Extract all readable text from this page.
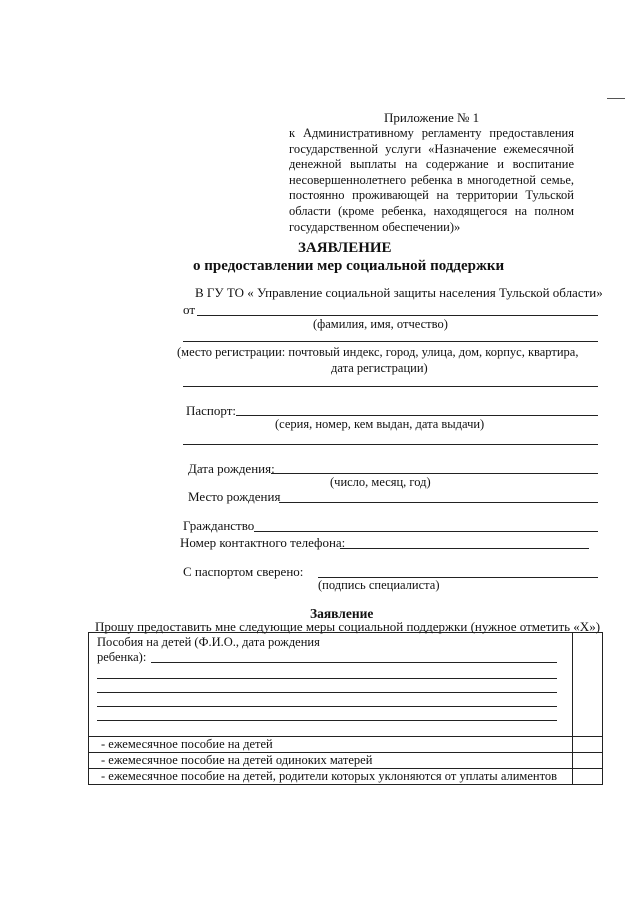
Приложение № 1
к Административному регламенту предоставления государственной услуги «Назначение ежемесячной денежной выплаты на содержание и воспитание несовершеннолетнего ребенка в многодетной семье, постоянно проживающей на территории Тульской области (кроме ребенка, находящегося на полном государственном обеспечении)»
ЗАЯВЛЕНИЕ
о предоставлении мер социальной поддержки
В ГУ ТО « Управление социальной защиты населения Тульской области»
от
(фамилия, имя, отчество)
(место регистрации: почтовый индекс, город, улица, дом, корпус, квартира,
дата регистрации)
Паспорт:
(серия, номер, кем выдан, дата выдачи)
Дата рождения:
(число, месяц, год)
Место рождения
Гражданство
Номер контактного телефона:
С паспортом сверено:
(подпись специалиста)
Заявление
Прошу предоставить мне следующие меры социальной поддержки (нужное отметить «Х»)
Пособия на детей (Ф.И.О., дата рождения
ребенка):	

- ежемесячное пособие на детей	

- ежемесячное пособие на детей одиноких матерей	

- ежемесячное пособие на детей, родители которых уклоняются от уплаты алиментов	
